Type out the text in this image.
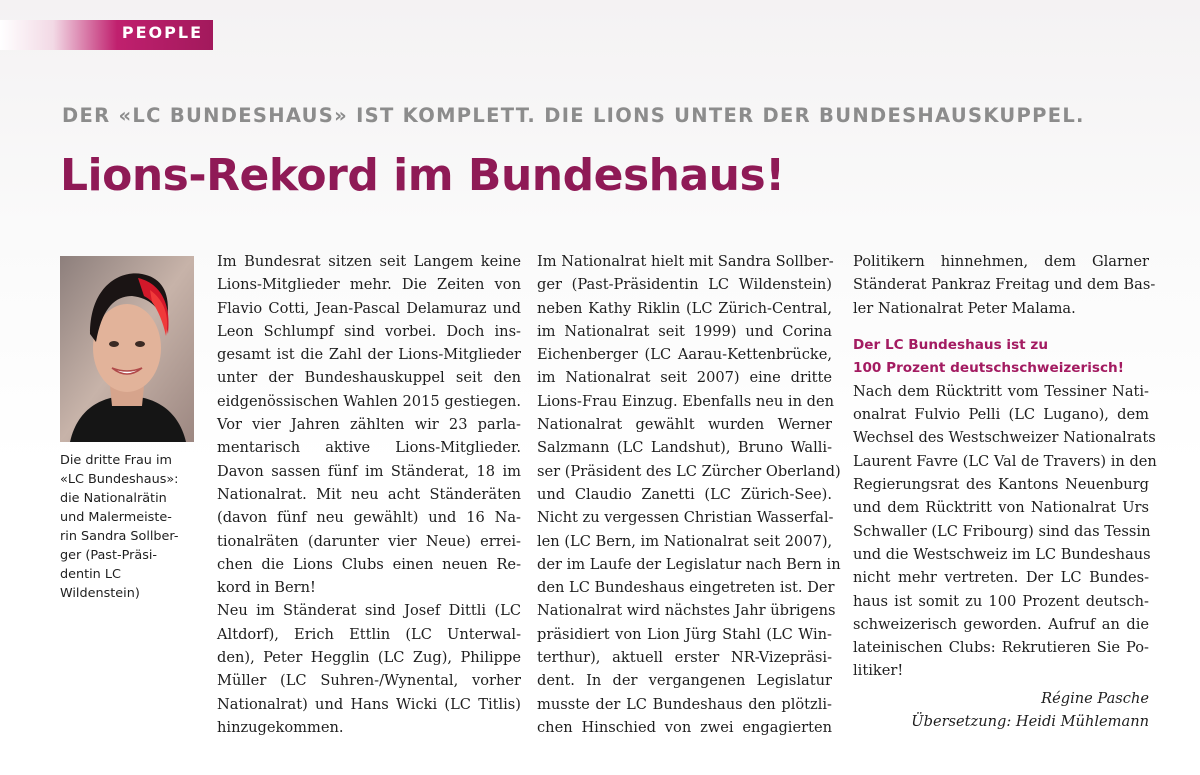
PEOPLE
DER «LC BUNDESHAUS» IST KOMPLETT. DIE LIONS UNTER DER BUNDESHAUSKUPPEL.
Lions-Rekord im Bundeshaus!
Die dritte Frau im
«LC Bundeshaus»:
die Nationalrätin
und Malermeiste-
rin Sandra Sollber-
ger (Past-Präsi-
dentin LC
Wildenstein)
Im Bundesrat sitzen seit Langem keine
Lions-Mitglieder mehr. Die Zeiten von
Flavio Cotti, Jean-Pascal Delamuraz und
Leon Schlumpf sind vorbei. Doch ins-
gesamt ist die Zahl der Lions-Mitglieder
unter der Bundeshauskuppel seit den
eidgenössischen Wahlen 2015 gestiegen.
Vor vier Jahren zählten wir 23 parla-
mentarisch aktive Lions-Mitglieder.
Davon sassen fünf im Ständerat, 18 im
Nationalrat. Mit neu acht Ständeräten
(davon fünf neu gewählt) und 16 Na-
tionalräten (darunter vier Neue) errei-
chen die Lions Clubs einen neuen Re-
kord in Bern!
Neu im Ständerat sind Josef Dittli (LC
Altdorf), Erich Ettlin (LC Unterwal-
den), Peter Hegglin (LC Zug), Philippe
Müller (LC Suhren-/Wynental, vorher
Nationalrat) und Hans Wicki (LC Titlis)
hinzugekommen.
Im Nationalrat hielt mit Sandra Sollber-
ger (Past-Präsidentin LC Wildenstein)
neben Kathy Riklin (LC Zürich-Central,
im Nationalrat seit 1999) und Corina
Eichenberger (LC Aarau-Kettenbrücke,
im Nationalrat seit 2007) eine dritte
Lions-Frau Einzug. Ebenfalls neu in den
Nationalrat gewählt wurden Werner
Salzmann (LC Landshut), Bruno Walli-
ser (Präsident des LC Zürcher Oberland)
und Claudio Zanetti (LC Zürich-See).
Nicht zu vergessen Christian Wasserfal-
len (LC Bern, im Nationalrat seit 2007),
der im Laufe der Legislatur nach Bern in
den LC Bundeshaus eingetreten ist. Der
Nationalrat wird nächstes Jahr übrigens
präsidiert von Lion Jürg Stahl (LC Win-
terthur), aktuell erster NR-Vizepräsi-
dent. In der vergangenen Legislatur
musste der LC Bundeshaus den plötzli-
chen Hinschied von zwei engagierten
Politikern hinnehmen, dem Glarner
Ständerat Pankraz Freitag und dem Bas-
ler Nationalrat Peter Malama.
Der LC Bundeshaus ist zu
100 Prozent deutschschweizerisch!
Nach dem Rücktritt vom Tessiner Nati-
onalrat Fulvio Pelli (LC Lugano), dem
Wechsel des Westschweizer Nationalrats
Laurent Favre (LC Val de Travers) in den
Regierungsrat des Kantons Neuenburg
und dem Rücktritt von Nationalrat Urs
Schwaller (LC Fribourg) sind das Tessin
und die Westschweiz im LC Bundeshaus
nicht mehr vertreten. Der LC Bundes-
haus ist somit zu 100 Prozent deutsch-
schweizerisch geworden. Aufruf an die
lateinischen Clubs: Rekrutieren Sie Po-
litiker!
Régine Pasche
Übersetzung: Heidi Mühlemann
